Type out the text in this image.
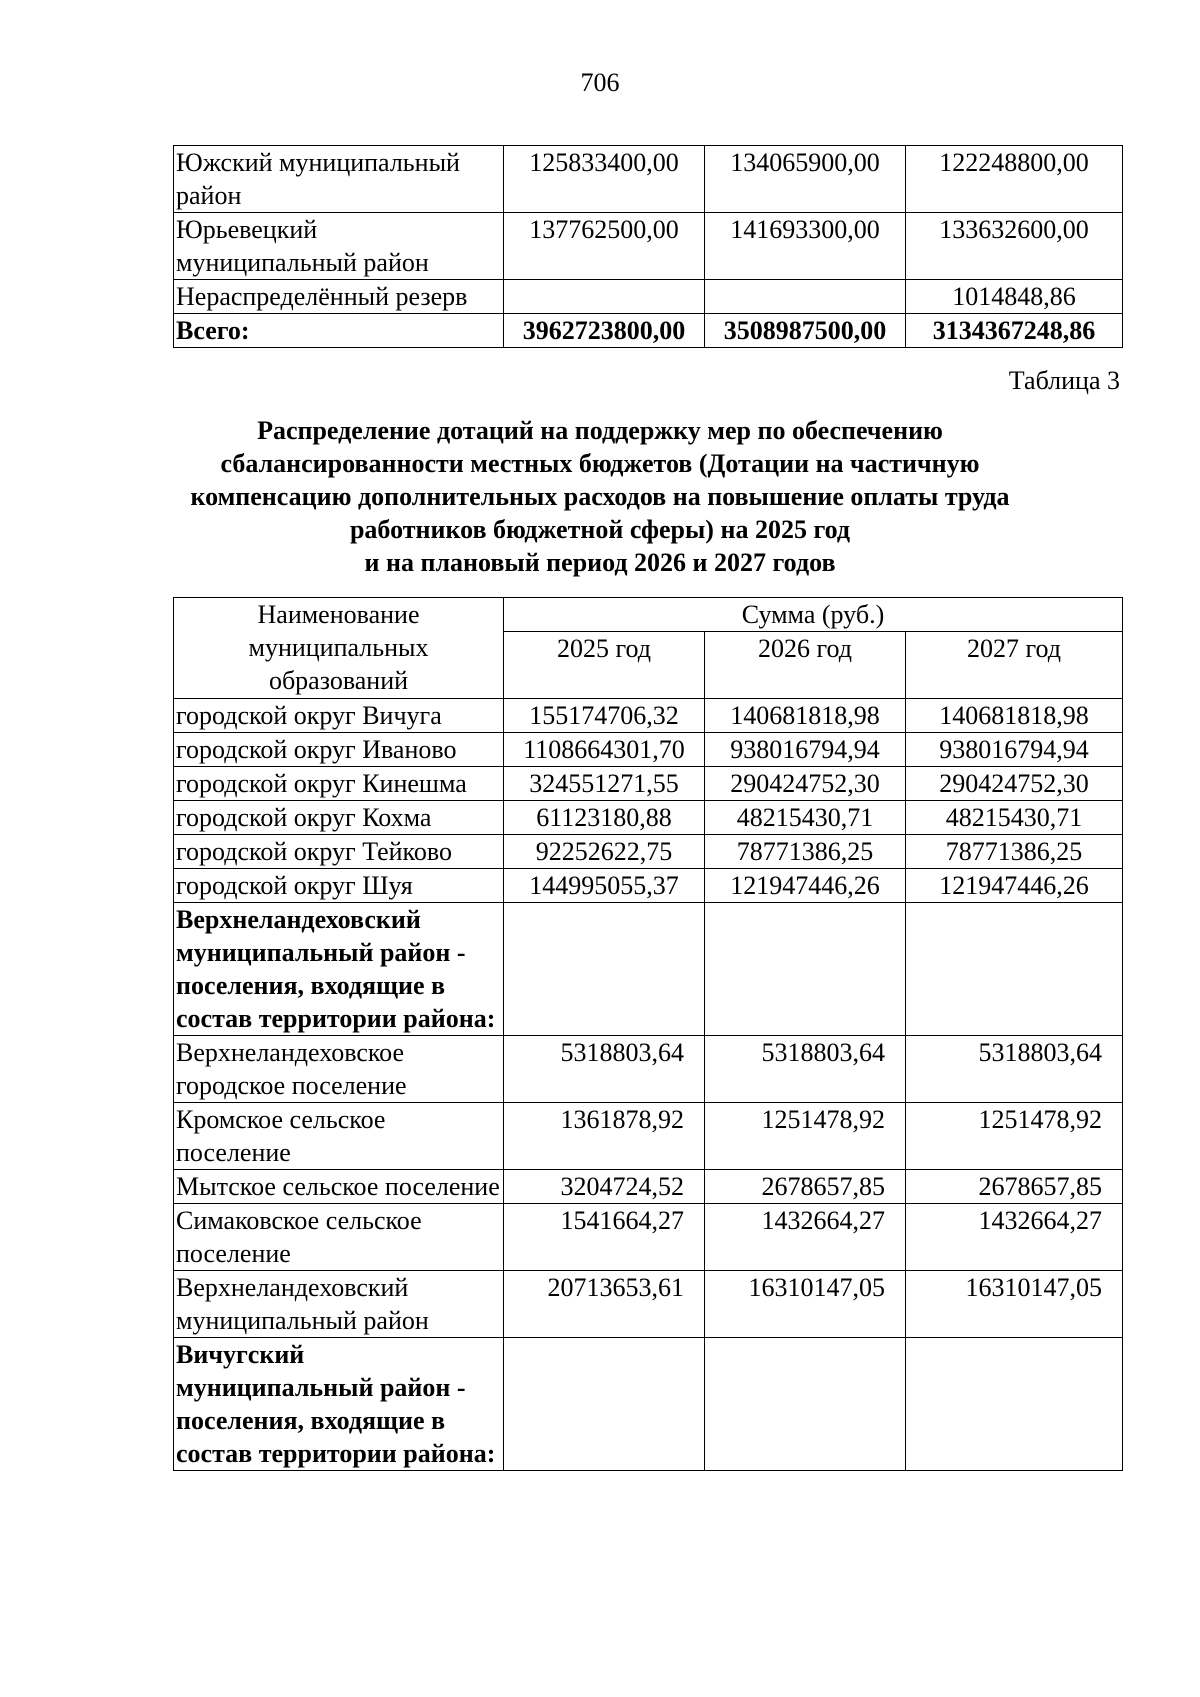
706
Южский муниципальный район	125833400,00	134065900,00	122248800,00
Юрьевецкий муниципальный район	137762500,00	141693300,00	133632600,00
Нераспределённый резерв			1014848,86
Всего:	3962723800,00	3508987500,00	3134367248,86
Таблица 3
Распределение дотаций на поддержку мер по обеспечению
сбалансированности местных бюджетов (Дотации на частичную
компенсацию дополнительных расходов на повышение оплаты труда
работников бюджетной сферы) на 2025 год
и на плановый период 2026 и 2027 годов
Наименование муниципальных образований	Сумма (руб.)		
	2025 год	2026 год	2027 год
городской округ Вичуга	155174706,32	140681818,98	140681818,98
городской округ Иваново	1108664301,70	938016794,94	938016794,94
городской округ Кинешма	324551271,55	290424752,30	290424752,30
городской округ Кохма	61123180,88	48215430,71	48215430,71
городской округ Тейково	92252622,75	78771386,25	78771386,25
городской округ Шуя	144995055,37	121947446,26	121947446,26
Верхнеландеховский муниципальный район - поселения, входящие в состав территории района:			
Верхнеландеховское городское поселение	5318803,64	5318803,64	5318803,64
Кромское сельское поселение	1361878,92	1251478,92	1251478,92
Мытское сельское поселение	3204724,52	2678657,85	2678657,85
Симаковское сельское поселение	1541664,27	1432664,27	1432664,27
Верхнеландеховский муниципальный район	20713653,61	16310147,05	16310147,05
Вичугский муниципальный район - поселения, входящие в состав территории района:			
